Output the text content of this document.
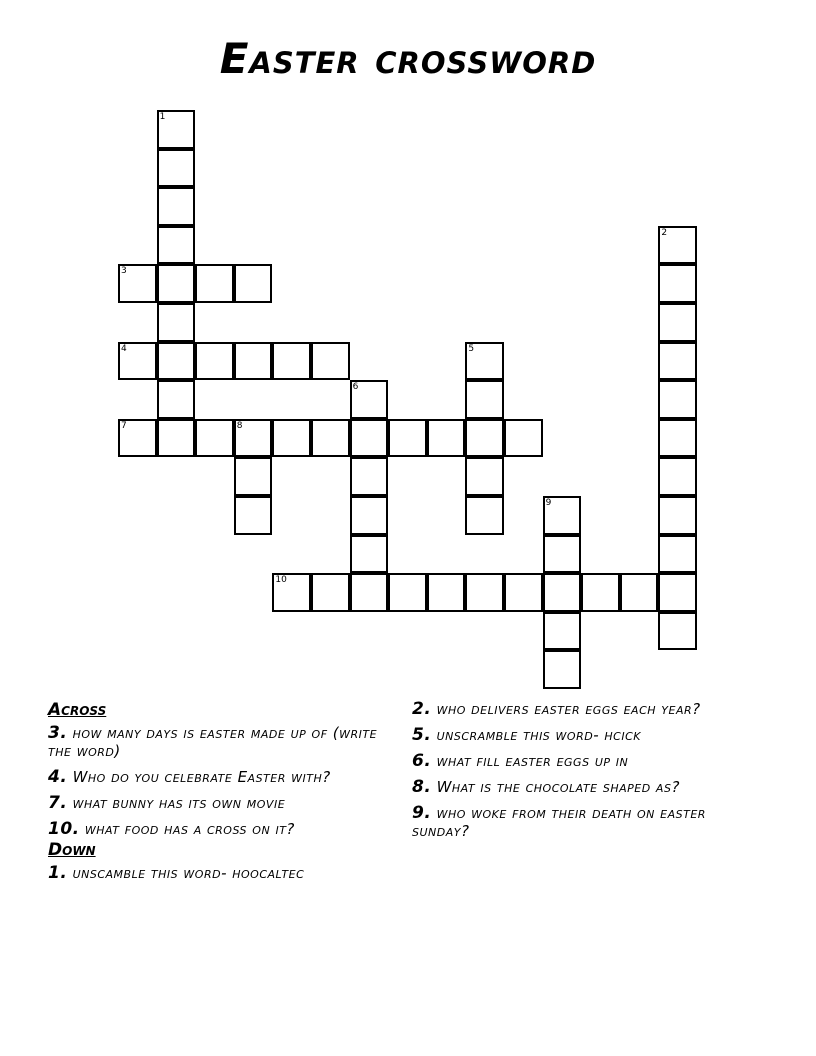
Easter crossword
1
2
3
4	5
6
7	8
9
10
Across
3. how many days is easter made up of (write the word)
4. Who do you celebrate Easter with?
7. what bunny has its own movie
10. what food has a cross on it?
Down
1. unscamble this word- hoocaltec
2. who delivers easter eggs each year?
5. unscramble this word- hcick
6. what fill easter eggs up in
8. What is the chocolate shaped as?
9. who woke from their death on easter sunday?
